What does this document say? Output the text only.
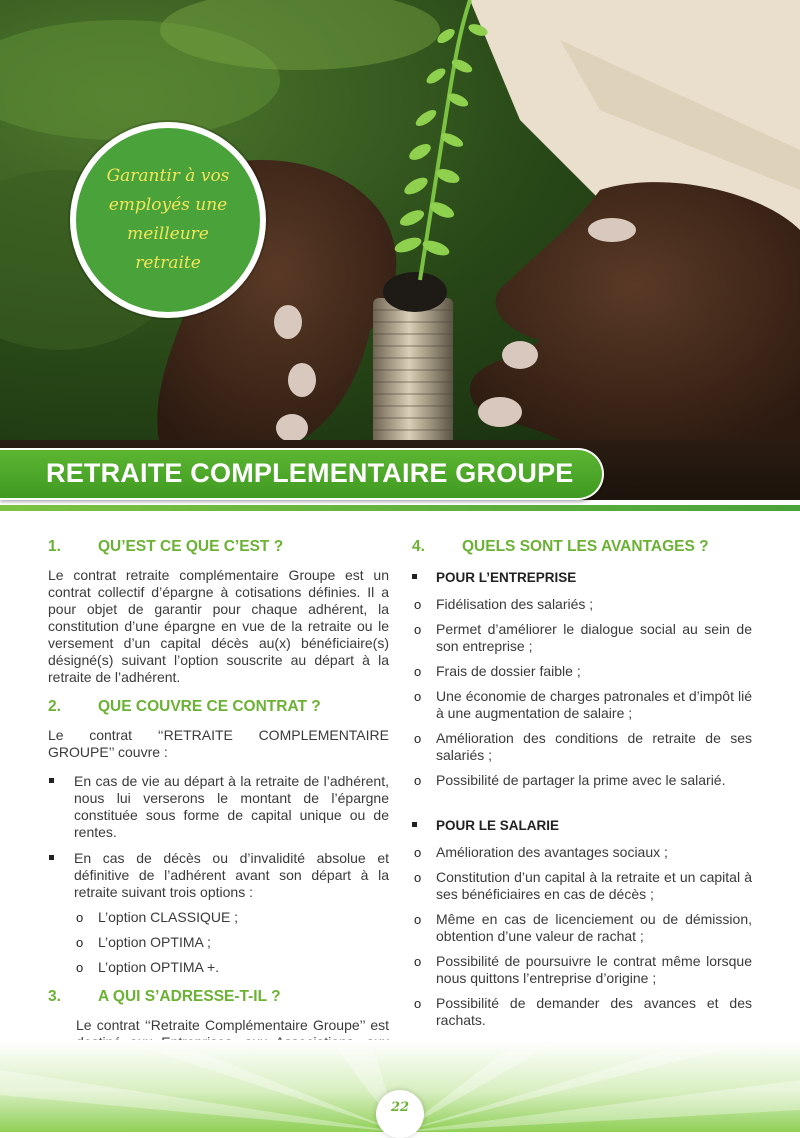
Garantir à vos employés une meilleure retraite
RETRAITE COMPLEMENTAIRE GROUPE
1.	QU’EST CE QUE C’EST ?

Le contrat retraite complémentaire Groupe est un contrat collectif d’épargne à cotisations définies. Il a pour objet de garantir pour chaque adhérent, la constitution d’une épargne en vue de la retraite ou le versement d’un capital décès au(x) bénéficiaire(s) désigné(s) suivant l’option souscrite au départ à la retraite de l’adhérent.

2.	QUE COUVRE CE CONTRAT ?

Le contrat ‘‘RETRAITE COMPLEMENTAIRE GROUPE’’ couvre :

En cas de vie au départ à la retraite de l’adhérent, nous lui verserons le montant de l’épargne constituée sous forme de capital unique ou de rentes.
En cas de décès ou d’invalidité absolue et définitive de l’adhérent avant son départ à la retraite suivant trois options :
o L’option CLASSIQUE ;
o L’option OPTIMA ;
o L’option OPTIMA +.
3.	A QUI S’ADRESSE-T-IL ?

Le contrat ‘‘Retraite Complémentaire Groupe’’ est

4.	QUELS SONT LES AVANTAGES ?
POUR L’ENTREPRISE
o Fidélisation des salariés ;
o Permet d’améliorer le dialogue social au sein de son entreprise ;
o Frais de dossier faible ;
o Une économie de charges patronales et d’impôt lié à une augmentation de salaire ;
o Amélioration des conditions de retraite de ses salariés ;
o Possibilité de partager la prime avec le salarié.
POUR LE SALARIE
o Amélioration des avantages sociaux ;
o Constitution d’un capital à la retraite et un capital à ses bénéficiaires en cas de décès ;
o Même en cas de licenciement ou de démission, obtention d’une valeur de rachat ;
o Possibilité de poursuivre le contrat même lorsque nous quittons l’entreprise d’origine ;
o Possibilité de demander des avances et des rachats.
22
